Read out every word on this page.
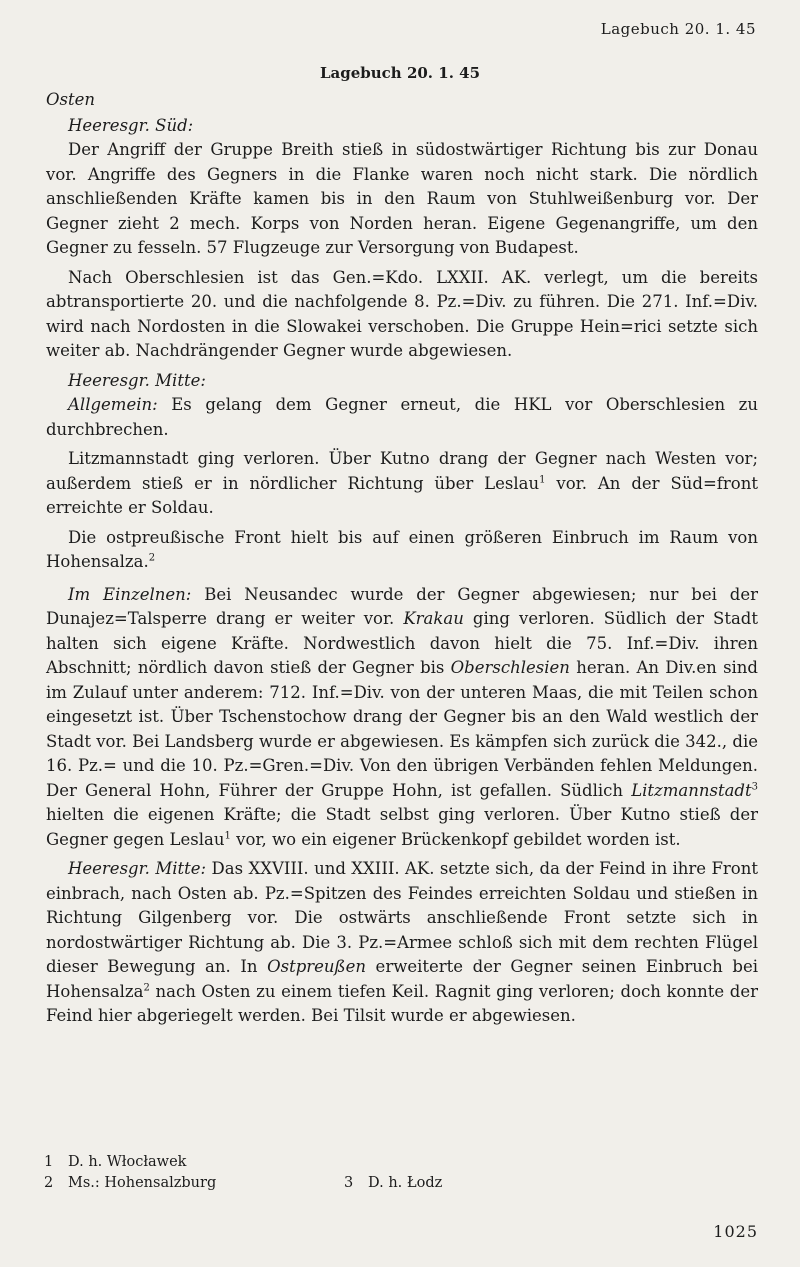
Lagebuch 20. 1. 45
Lagebuch 20. 1. 45

Osten

Heeresgr. Süd:

Der Angriff der Gruppe Breith stieß in südostwärtiger Richtung bis zur Donau vor. Angriffe des Gegners in die Flanke waren noch nicht stark. Die nördlich anschließenden Kräfte kamen bis in den Raum von Stuhlweißenburg vor. Der Gegner zieht 2 mech. Korps von Norden heran. Eigene Gegenangriffe, um den Gegner zu fesseln. 57 Flugzeuge zur Versorgung von Budapest.

Nach Oberschlesien ist das Gen.=Kdo. LXXII. AK. verlegt, um die bereits abtransportierte 20. und die nachfolgende 8. Pz.=Div. zu führen. Die 271. Inf.=Div. wird nach Nordosten in die Slowakei verschoben. Die Gruppe Hein=rici setzte sich weiter ab. Nachdrängender Gegner wurde abgewiesen.

Heeresgr. Mitte:

Allgemein: Es gelang dem Gegner erneut, die HKL vor Oberschlesien zu durchbrechen.

Litzmannstadt ging verloren. Über Kutno drang der Gegner nach Westen vor; außerdem stieß er in nördlicher Richtung über Leslau$^1$ vor. An der Süd=front erreichte er Soldau.

Die ostpreußische Front hielt bis auf einen größeren Einbruch im Raum von Hohensalza.$^2$

Im Einzelnen: Bei Neusandec wurde der Gegner abgewiesen; nur bei der Dunajez=Talsperre drang er weiter vor. Krakau ging verloren. Südlich der Stadt halten sich eigene Kräfte. Nordwestlich davon hielt die 75. Inf.=Div. ihren Abschnitt; nördlich davon stieß der Gegner bis Oberschlesien heran. An Div.en sind im Zulauf unter anderem: 712. Inf.=Div. von der unteren Maas, die mit Teilen schon eingesetzt ist. Über Tschenstochow drang der Gegner bis an den Wald westlich der Stadt vor. Bei Landsberg wurde er abgewiesen. Es kämpfen sich zurück die 342., die 16. Pz.= und die 10. Pz.=Gren.=Div. Von den übrigen Verbänden fehlen Meldungen. Der General Hohn, Führer der Gruppe Hohn, ist gefallen. Südlich Litzmannstadt$^3$ hielten die eigenen Kräfte; die Stadt selbst ging verloren. Über Kutno stieß der Gegner gegen Leslau$^1$ vor, wo ein eigener Brückenkopf gebildet worden ist.

Heeresgr. Mitte: Das XXVIII. und XXIII. AK. setzte sich, da der Feind in ihre Front einbrach, nach Osten ab. Pz.=Spitzen des Feindes erreichten Soldau und stießen in Richtung Gilgenberg vor. Die ostwärts anschließende Front setzte sich in nordostwärtiger Richtung ab. Die 3. Pz.=Armee schloß sich mit dem rechten Flügel dieser Bewegung an. In Ostpreußen erweiterte der Gegner seinen Einbruch bei Hohensalza$^2$ nach Osten zu einem tiefen Keil. Ragnit ging verloren; doch konnte der Feind hier abgeriegelt werden. Bei Tilsit wurde er abgewiesen.

1	D. h. Włocławek
2	Ms.: Hohensalzburg	3	D. h. Łodz
1025
